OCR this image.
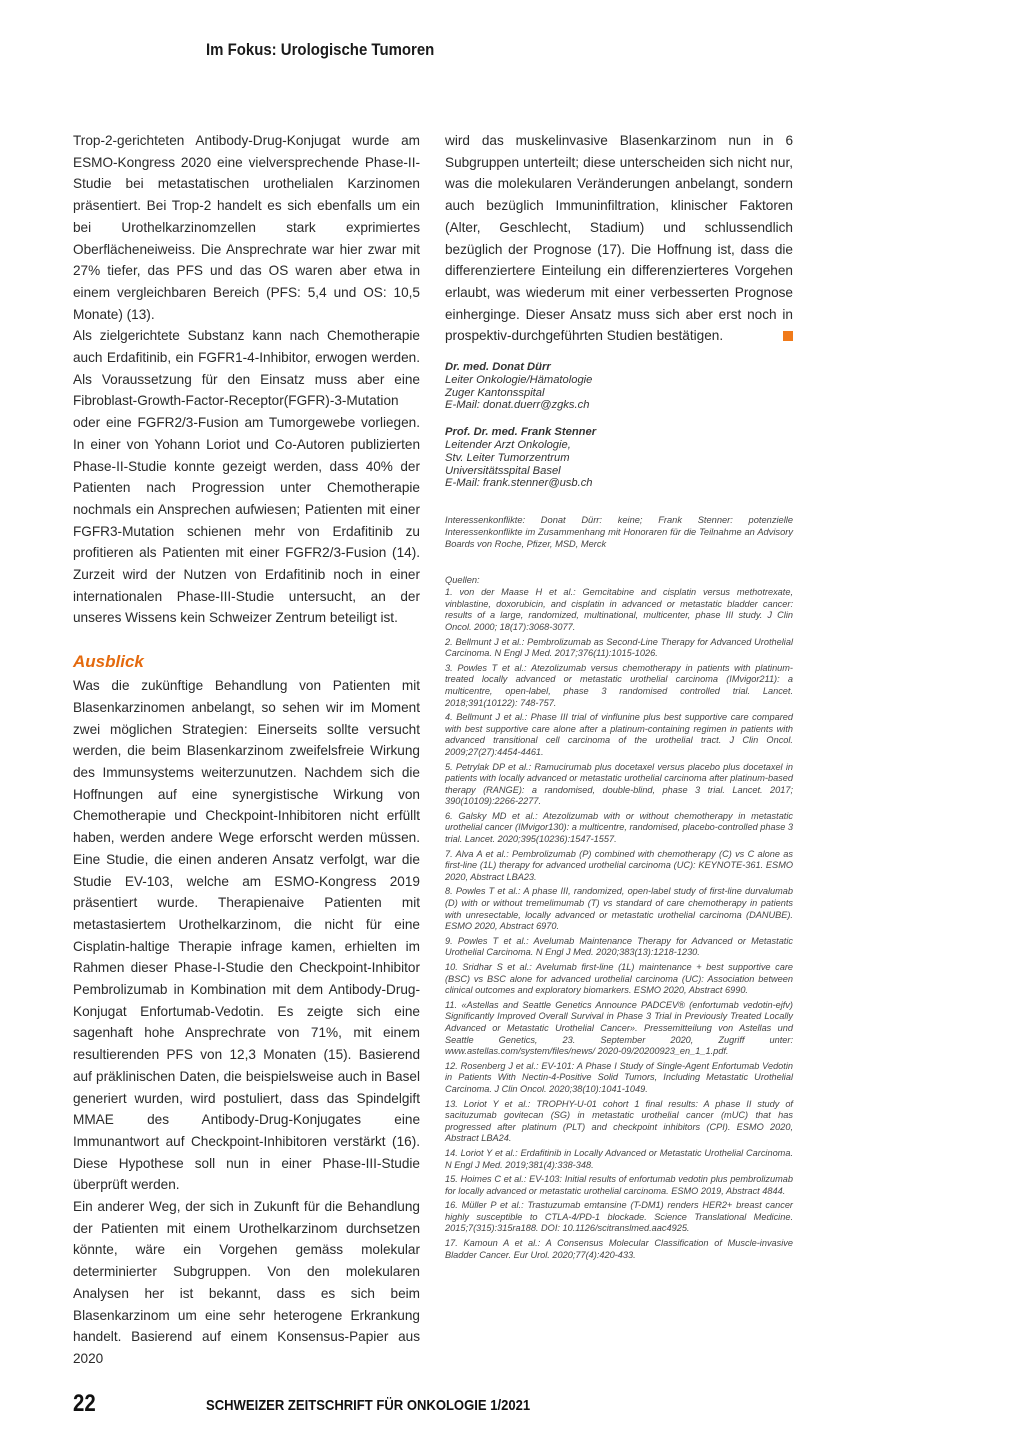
Im Fokus: Urologische Tumoren

Trop-2-gerichteten Antibody-Drug-Konjugat wurde am ESMO-Kongress 2020 eine vielversprechende Phase-II-Studie bei metastatischen urothelialen Karzinomen präsentiert. Bei Trop-2 handelt es sich ebenfalls um ein bei Urothelkarzinomzellen stark exprimiertes Oberflächeneiweiss. Die Ansprechrate war hier zwar mit 27% tiefer, das PFS und das OS waren aber etwa in einem vergleichbaren Bereich (PFS: 5,4 und OS: 10,5 Monate) (13).

Als zielgerichtete Substanz kann nach Chemotherapie auch Erdafitinib, ein FGFR1-4-Inhibitor, erwogen werden. Als Voraussetzung für den Einsatz muss aber eine Fibroblast-Growth-Factor-Receptor(FGFR)-3-Mutation oder eine FGFR2/3-Fusion am Tumorgewebe vorliegen. In einer von Yohann Loriot und Co-Autoren publizierten Phase-II-Studie konnte gezeigt werden, dass 40% der Patienten nach Progression unter Chemotherapie nochmals ein Ansprechen aufwiesen; Patienten mit einer FGFR3-Mutation schienen mehr von Erdafitinib zu profitieren als Patienten mit einer FGFR2/3-Fusion (14). Zurzeit wird der Nutzen von Erdafitinib noch in einer internationalen Phase-III-Studie untersucht, an der unseres Wissens kein Schweizer Zentrum beteiligt ist.

Ausblick

Was die zukünftige Behandlung von Patienten mit Blasenkarzinomen anbelangt, so sehen wir im Moment zwei möglichen Strategien: Einerseits sollte versucht werden, die beim Blasenkarzinom zweifelsfreie Wirkung des Immunsystems weiterzunutzen. Nachdem sich die Hoffnungen auf eine synergistische Wirkung von Chemotherapie und Checkpoint-Inhibitoren nicht erfüllt haben, werden andere Wege erforscht werden müssen. Eine Studie, die einen anderen Ansatz verfolgt, war die Studie EV-103, welche am ESMO-Kongress 2019 präsentiert wurde. Therapienaive Patienten mit metastasiertem Urothelkarzinom, die nicht für eine Cisplatin-haltige Therapie infrage kamen, erhielten im Rahmen dieser Phase-I-Studie den Checkpoint-Inhibitor Pembrolizumab in Kombination mit dem Antibody-Drug-Konjugat Enfortumab-Vedotin. Es zeigte sich eine sagenhaft hohe Ansprechrate von 71%, mit einem resultierenden PFS von 12,3 Monaten (15). Basierend auf präklinischen Daten, die beispielsweise auch in Basel generiert wurden, wird postuliert, dass das Spindelgift MMAE des Antibody-Drug-Konjugates eine Immunantwort auf Checkpoint-Inhibitoren verstärkt (16). Diese Hypothese soll nun in einer Phase-III-Studie überprüft werden.

Ein anderer Weg, der sich in Zukunft für die Behandlung der Patienten mit einem Urothelkarzinom durchsetzen könnte, wäre ein Vorgehen gemäss molekular determinierter Subgruppen. Von den molekularen Analysen her ist bekannt, dass es sich beim Blasenkarzinom um eine sehr heterogene Erkrankung handelt. Basierend auf einem Konsensus-Papier aus 2020

wird das muskelinvasive Blasenkarzinom nun in 6 Subgruppen unterteilt; diese unterscheiden sich nicht nur, was die molekularen Veränderungen anbelangt, sondern auch bezüglich Immuninfiltration, klinischer Faktoren (Alter, Geschlecht, Stadium) und schlussendlich bezüglich der Prognose (17). Die Hoffnung ist, dass die differenziertere Einteilung ein differenzierteres Vorgehen erlaubt, was wiederum mit einer verbesserten Prognose einherginge. Dieser Ansatz muss sich aber erst noch in prospektiv-durchgeführten Studien bestätigen.

Dr. med. Donat Dürr
Leiter Onkologie/Hämatologie
Zuger Kantonsspital
E-Mail: donat.duerr@zgks.ch
Prof. Dr. med. Frank Stenner
Leitender Arzt Onkologie,
Stv. Leiter Tumorzentrum
Universitätsspital Basel
E-Mail: frank.stenner@usb.ch
Interessenkonflikte: Donat Dürr: keine; Frank Stenner: potenzielle Interessenkonflikte im Zusammenhang mit Honoraren für die Teilnahme an Advisory Boards von Roche, Pfizer, MSD, Merck
Quellen:
1. von der Maase H et al.: Gemcitabine and cisplatin versus methotrexate, vinblastine, doxorubicin, and cisplatin in advanced or metastatic bladder cancer: results of a large, randomized, multinational, multicenter, phase III study. J Clin Oncol. 2000; 18(17):3068-3077.
2. Bellmunt J et al.: Pembrolizumab as Second-Line Therapy for Advanced Urothelial Carcinoma. N Engl J Med. 2017;376(11):1015-1026.
3. Powles T et al.: Atezolizumab versus chemotherapy in patients with platinum-treated locally advanced or metastatic urothelial carcinoma (IMvigor211): a multicentre, open-label, phase 3 randomised controlled trial. Lancet. 2018;391(10122): 748-757.
4. Bellmunt J et al.: Phase III trial of vinflunine plus best supportive care compared with best supportive care alone after a platinum-containing regimen in patients with advanced transitional cell carcinoma of the urothelial tract. J Clin Oncol. 2009;27(27):4454-4461.
5. Petrylak DP et al.: Ramucirumab plus docetaxel versus placebo plus docetaxel in patients with locally advanced or metastatic urothelial carcinoma after platinum-based therapy (RANGE): a randomised, double-blind, phase 3 trial. Lancet. 2017; 390(10109):2266-2277.
6. Galsky MD et al.: Atezolizumab with or without chemotherapy in metastatic urothelial cancer (IMvigor130): a multicentre, randomised, placebo-controlled phase 3 trial. Lancet. 2020;395(10236):1547-1557.
7. Alva A et al.: Pembrolizumab (P) combined with chemotherapy (C) vs C alone as first-line (1L) therapy for advanced urothelial carcinoma (UC): KEYNOTE-361. ESMO 2020, Abstract LBA23.
8. Powles T et al.: A phase III, randomized, open-label study of first-line durvalumab (D) with or without tremelimumab (T) vs standard of care chemotherapy in patients with unresectable, locally advanced or metastatic urothelial carcinoma (DANUBE). ESMO 2020, Abstract 6970.
9. Powles T et al.: Avelumab Maintenance Therapy for Advanced or Metastatic Urothelial Carcinoma. N Engl J Med. 2020;383(13):1218-1230.
10. Sridhar S et al.: Avelumab first-line (1L) maintenance + best supportive care (BSC) vs BSC alone for advanced urothelial carcinoma (UC): Association between clinical outcomes and exploratory biomarkers. ESMO 2020, Abstract 6990.
11. «Astellas and Seattle Genetics Announce PADCEV® (enfortumab vedotin-ejfv) Significantly Improved Overall Survival in Phase 3 Trial in Previously Treated Locally Advanced or Metastatic Urothelial Cancer». Pressemitteilung von Astellas und Seattle Genetics, 23. September 2020, Zugriff unter: www.astellas.com/system/files/news/ 2020-09/20200923_en_1_1.pdf.
12. Rosenberg J et al.: EV-101: A Phase I Study of Single-Agent Enfortumab Vedotin in Patients With Nectin-4-Positive Solid Tumors, Including Metastatic Urothelial Carcinoma. J Clin Oncol. 2020;38(10):1041-1049.
13. Loriot Y et al.: TROPHY-U-01 cohort 1 final results: A phase II study of sacituzumab govitecan (SG) in metastatic urothelial cancer (mUC) that has progressed after platinum (PLT) and checkpoint inhibitors (CPI). ESMO 2020, Abstract LBA24.
14. Loriot Y et al.: Erdafitinib in Locally Advanced or Metastatic Urothelial Carcinoma. N Engl J Med. 2019;381(4):338-348.
15. Hoimes C et al.: EV-103: Initial results of enfortumab vedotin plus pembrolizumab for locally advanced or metastatic urothelial carcinoma. ESMO 2019, Abstract 4844.
16. Müller P et al.: Trastuzumab emtansine (T-DM1) renders HER2+ breast cancer highly susceptible to CTLA-4/PD-1 blockade. Science Translational Medicine. 2015;7(315):315ra188. DOI: 10.1126/scitranslmed.aac4925.
17. Kamoun A et al.: A Consensus Molecular Classification of Muscle-invasive Bladder Cancer. Eur Urol. 2020;77(4):420-433.
22	SCHWEIZER ZEITSCHRIFT FÜR ONKOLOGIE 1/2021
